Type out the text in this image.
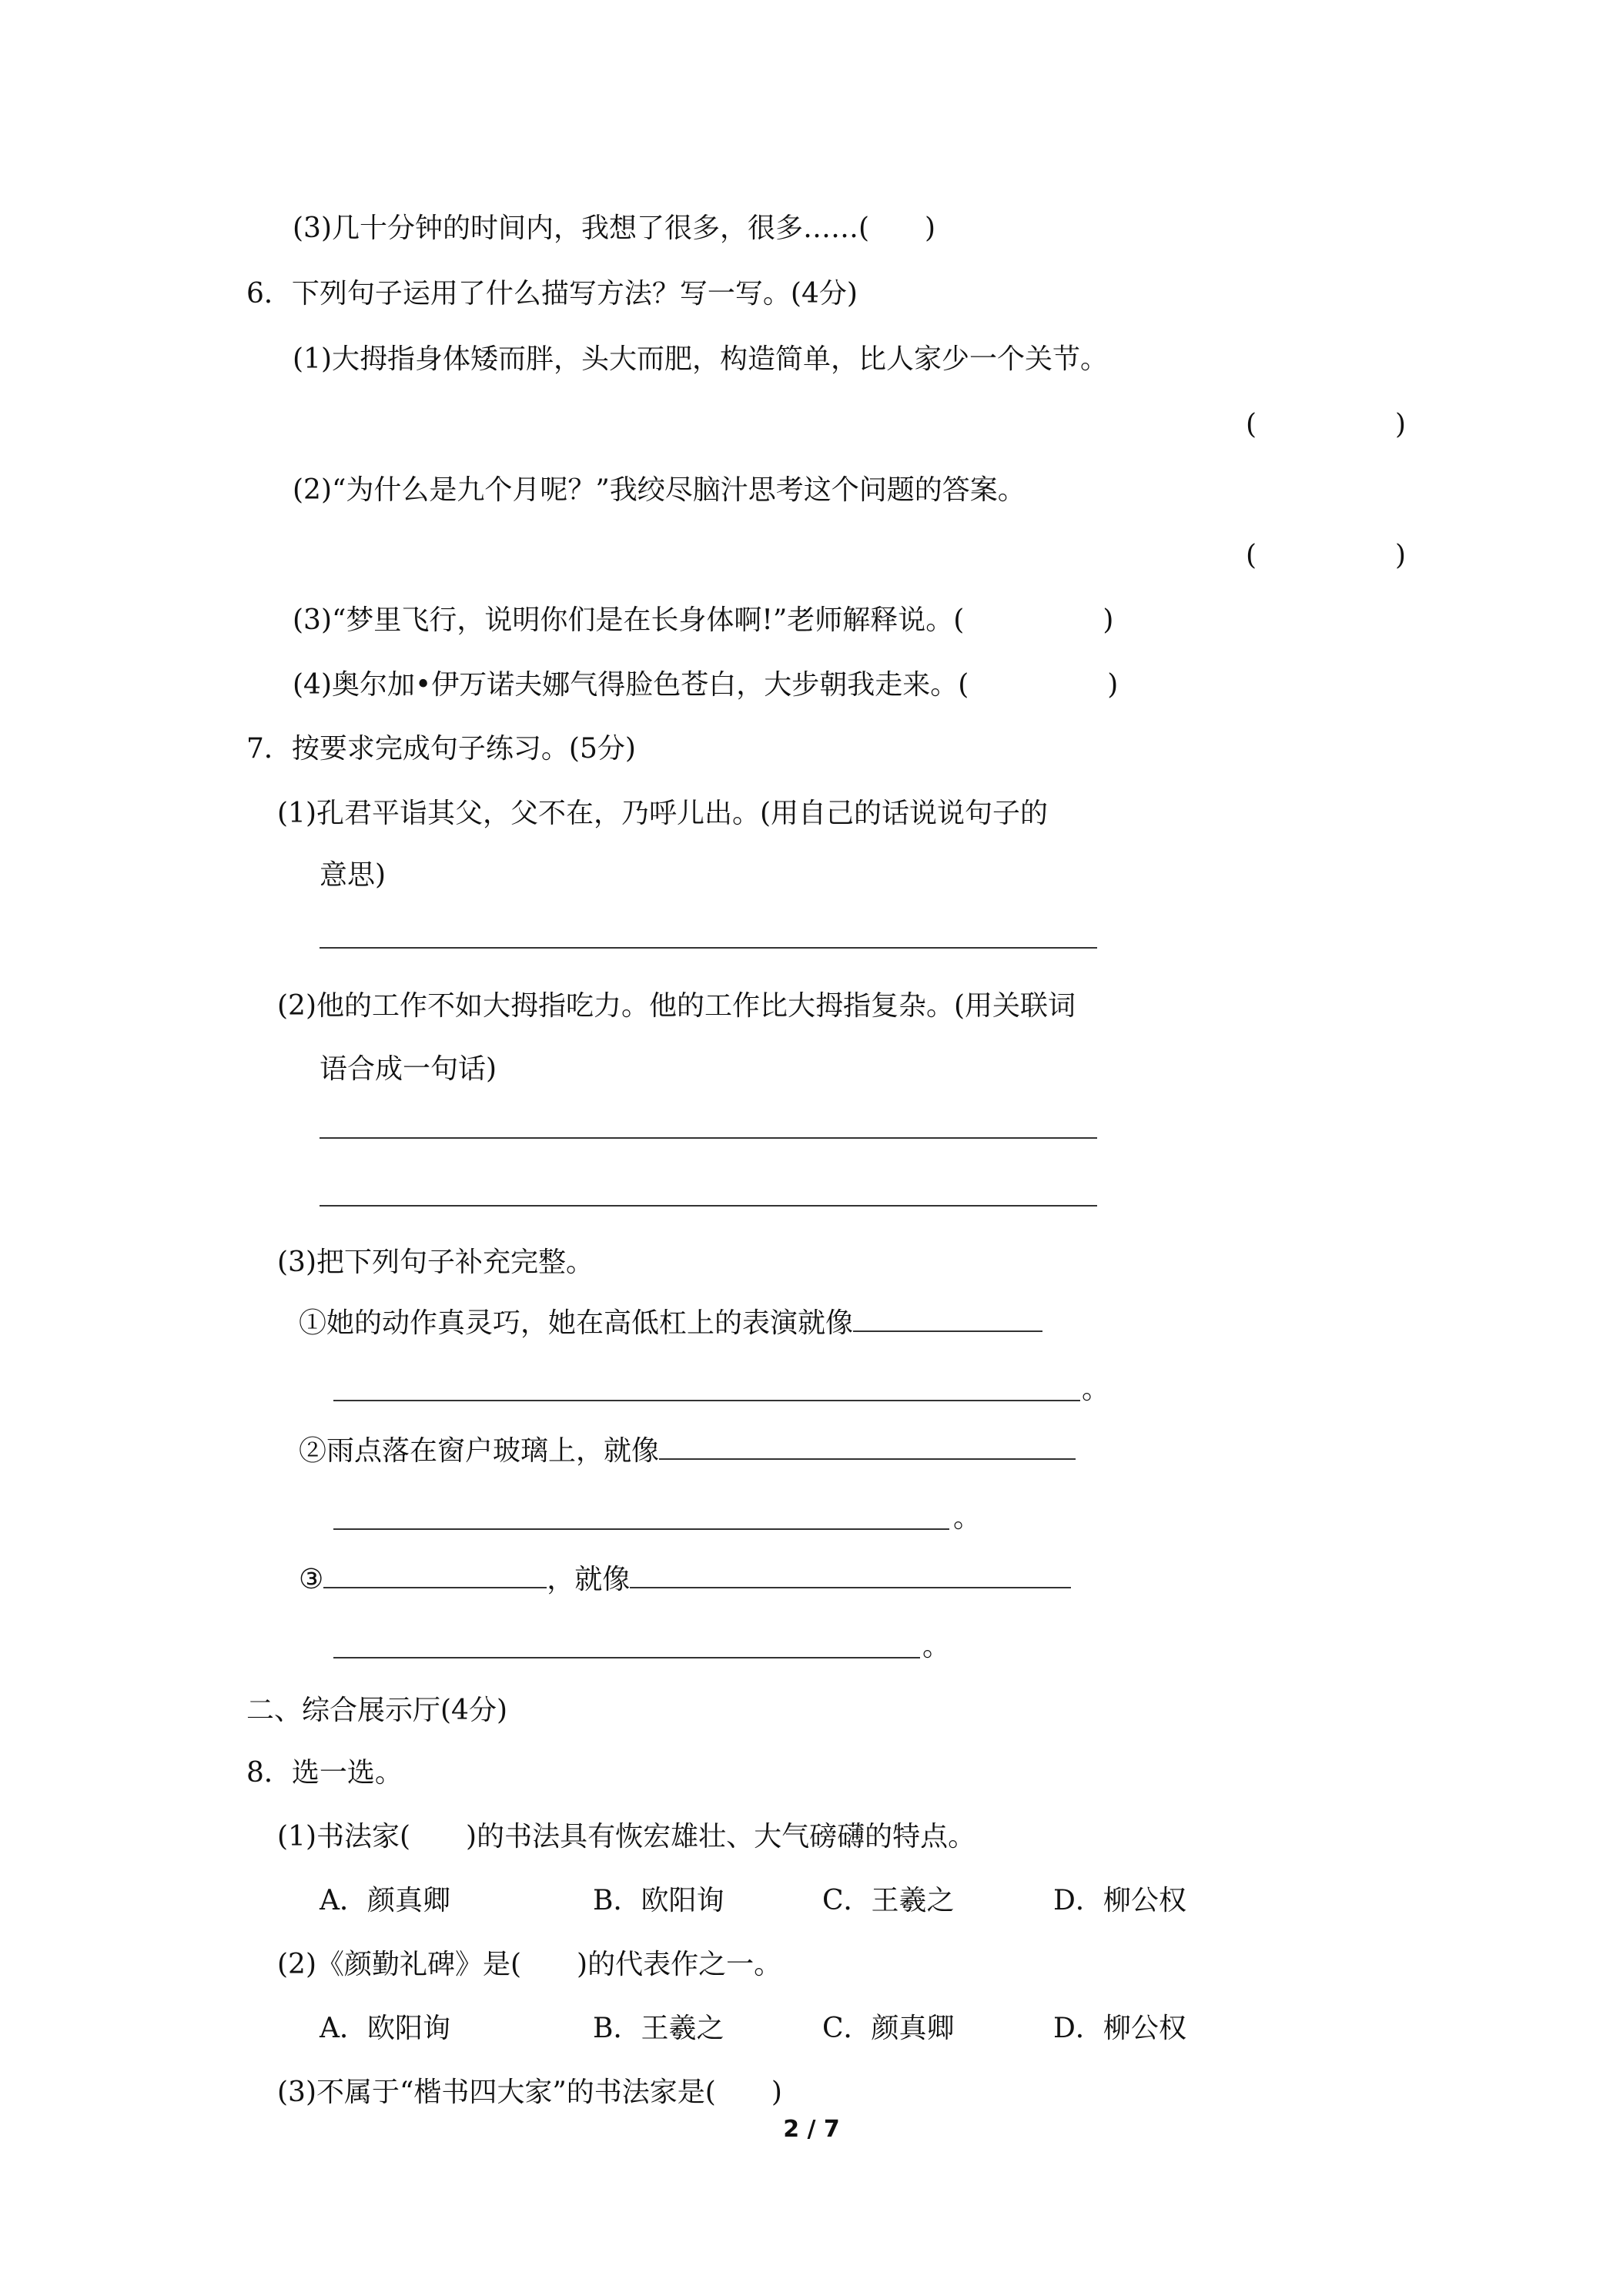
(3)几十分钟的时间内，我想了很多，很多……(　　)
6．下列句子运用了什么描写方法？写一写。(4分)
(1)大拇指身体矮而胖，头大而肥，构造简单，比人家少一个关节。
(　　　　　)
(2)“为什么是九个月呢？”我绞尽脑汁思考这个问题的答案。
(　　　　　)
(3)“梦里飞行，说明你们是在长身体啊!”老师解释说。(　　　　　)
(4)奥尔加•伊万诺夫娜气得脸色苍白，大步朝我走来。(　　　　　)
7．按要求完成句子练习。(5分)
(1)孔君平诣其父，父不在，乃呼儿出。(用自己的话说说句子的
意思)
(2)他的工作不如大拇指吃力。他的工作比大拇指复杂。(用关联词
语合成一句话)
(3)把下列句子补充完整。
①她的动作真灵巧，她在高低杠上的表演就像
。
②雨点落在窗户玻璃上，就像
。
③	，就像
。
二、综合展示厅(4分)
8．选一选。
(1)书法家(　　)的书法具有恢宏雄壮、大气磅礴的特点。
A．颜真卿	B．欧阳询	C．王羲之	D．柳公权
(2)《颜勤礼碑》是(　　)的代表作之一。
A．欧阳询	B．王羲之	C．颜真卿	D．柳公权
(3)不属于“楷书四大家”的书法家是(　　)
2 / 7
